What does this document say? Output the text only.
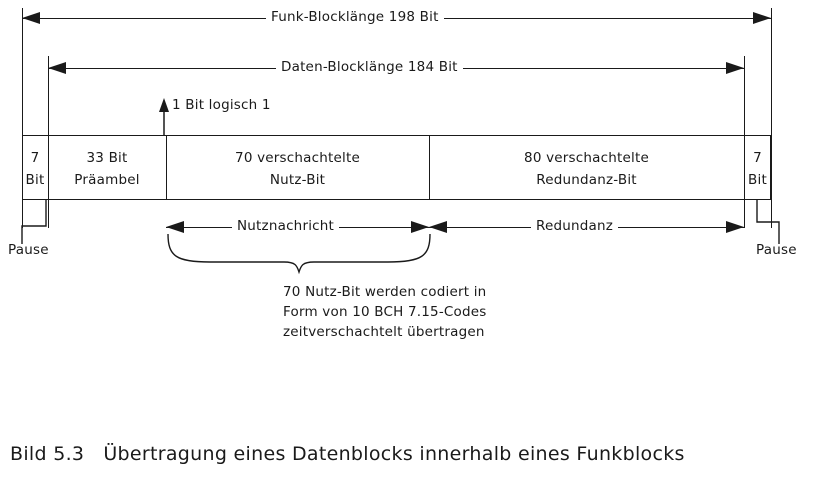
Funk-Blocklänge 198 Bit
Daten-Blocklänge 184 Bit
1 Bit logisch 1
7
Bit
33 Bit
Präambel
70 verschachtelte
Nutz-Bit
80 verschachtelte
Redundanz-Bit
7
Bit
Nutznachricht	Redundanz
Pause	Pause
70 Nutz-Bit werden codiert in
Form von 10 BCH 7.15-Codes
zeitverschachtelt übertragen
Bild 5.3   Übertragung eines Datenblocks innerhalb eines Funkblocks
